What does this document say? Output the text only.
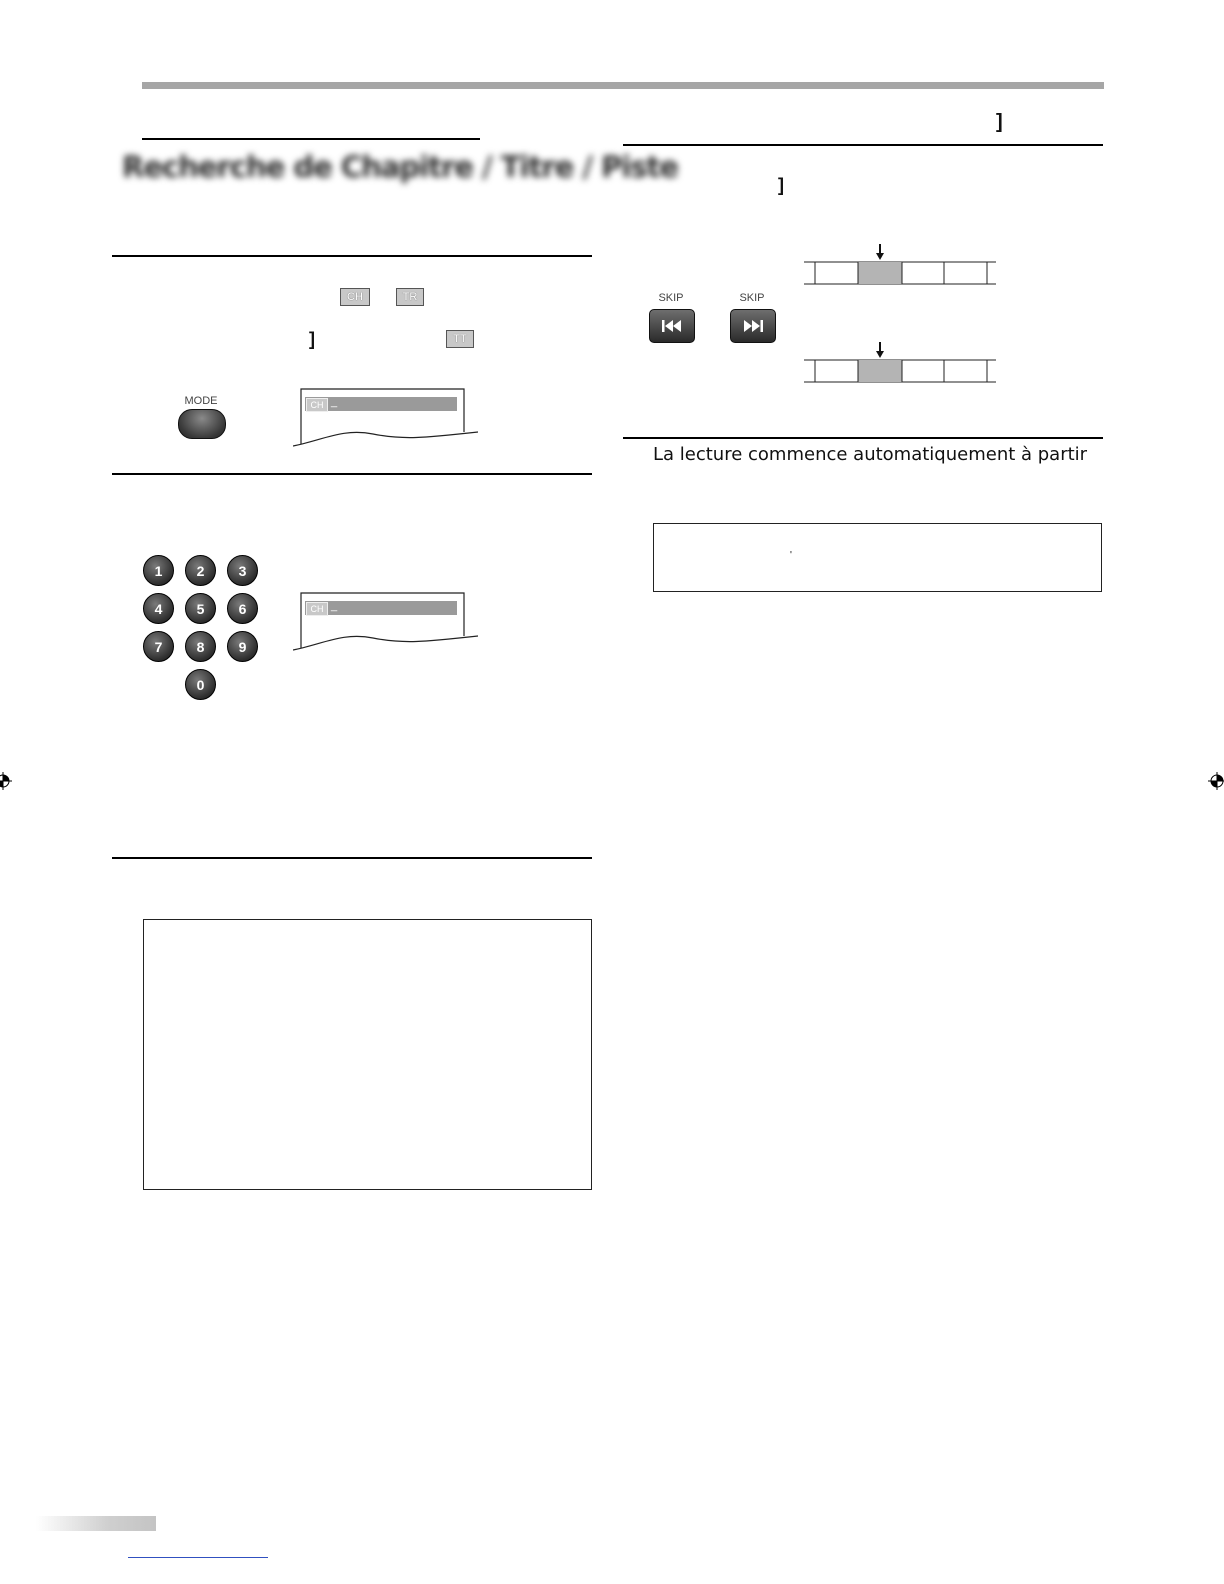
Recherche de Chapitre / Titre / Piste
CH	TR
]	TT
MODE	CH _
1	2	3
4	5	6
7	8	9
0
CH _
]
]
SKIP	SKIP
La lecture commence automatiquement à partir
'
